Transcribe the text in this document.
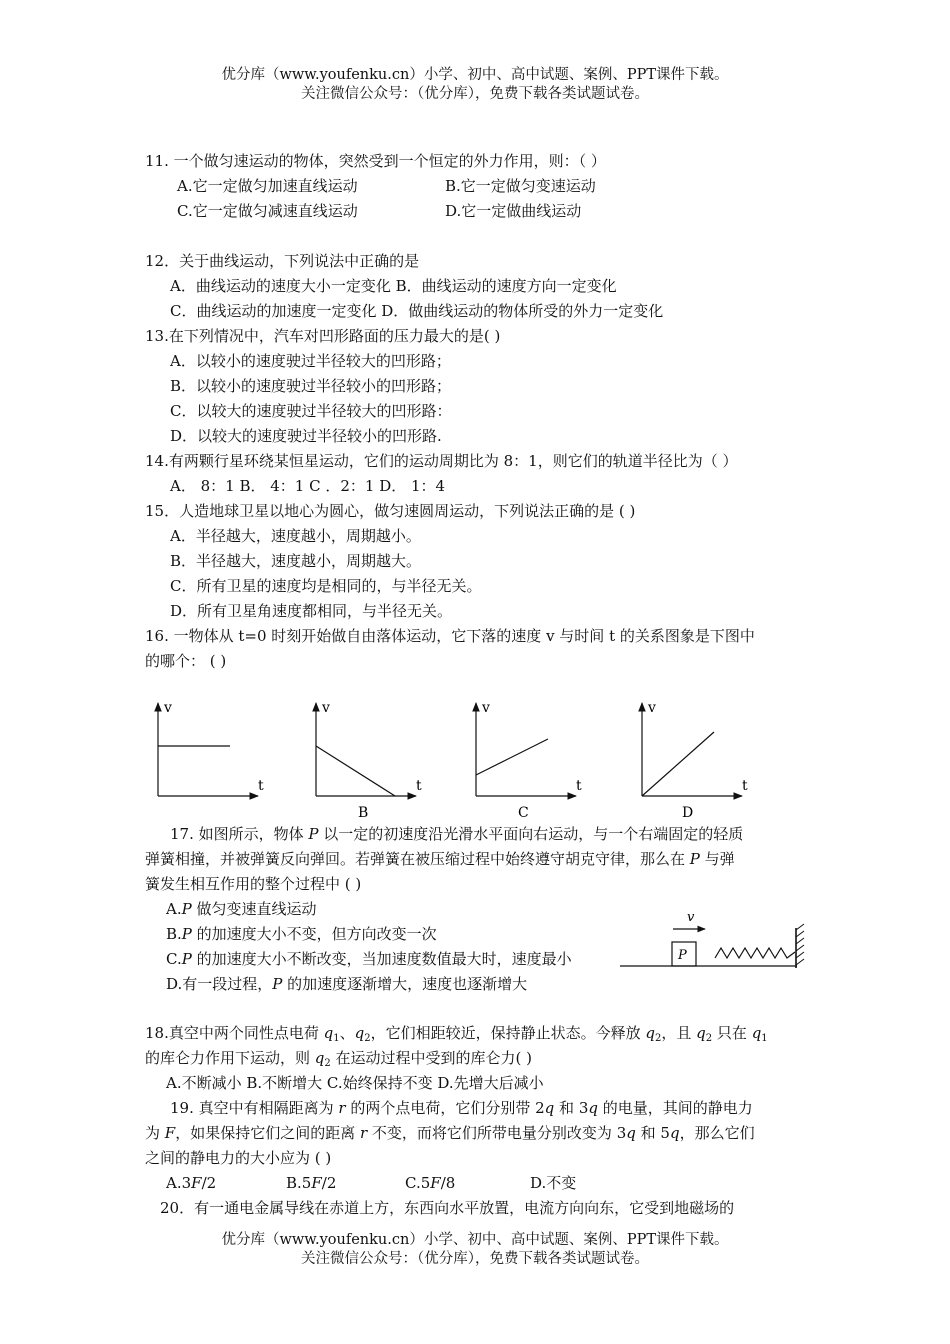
优分库（www.youfenku.cn）小学、初中、高中试题、案例、PPT课件下载。
关注微信公众号：（优分库），免费下载各类试题试卷。
11. 一个做匀速运动的物体，突然受到一个恒定的外力作用，则：（ ）
A.它一定做匀加速直线运动	B.它一定做匀变速运动
C.它一定做匀减速直线运动	D.它一定做曲线运动
12．关于曲线运动，下列说法中正确的是
A．曲线运动的速度大小一定变化 B．曲线运动的速度方向一定变化
C．曲线运动的加速度一定变化 D．做曲线运动的物体所受的外力一定变化
13.在下列情况中，汽车对凹形路面的压力最大的是( )
A．以较小的速度驶过半径较大的凹形路；
B．以较小的速度驶过半径较小的凹形路；
C．以较大的速度驶过半径较大的凹形路：
D．以较大的速度驶过半径较小的凹形路.
14.有两颗行星环绕某恒星运动，它们的运动周期比为 8：1，则它们的轨道半径比为（ ）
A． 8：1 B． 4：1 C ．2：1 D． 1：4
15．人造地球卫星以地心为圆心，做匀速圆周运动，下列说法正确的是 ( )
A．半径越大，速度越小，周期越小。
B．半径越大，速度越小，周期越大。
C．所有卫星的速度均是相同的，与半径无关。
D．所有卫星角速度都相同，与半径无关。
16. 一物体从 t=0 时刻开始做自由落体运动，它下落的速度 v 与时间 t 的关系图象是下图中
的哪个： ( )
v
t
v
t
B
v
t
C
v
t
D
17. 如图所示，物体 P 以一定的初速度沿光滑水平面向右运动，与一个右端固定的轻质
弹簧相撞，并被弹簧反向弹回。若弹簧在被压缩过程中始终遵守胡克守律，那么在 P 与弹
簧发生相互作用的整个过程中 ( )
A.P 做匀变速直线运动
B.P 的加速度大小不变，但方向改变一次
C.P 的加速度大小不断改变，当加速度数值最大时，速度最小
D.有一段过程，P 的加速度逐渐增大，速度也逐渐增大
v
P
18.真空中两个同性点电荷 $q_1$、$q_2$，它们相距较近，保持静止状态。今释放 $q_2$，且 $q_2$ 只在 $q_1$
的库仑力作用下运动，则 $q_2$ 在运动过程中受到的库仑力( )
A.不断减小 B.不断增大 C.始终保持不变 D.先增大后减小
19. 真空中有相隔距离为 r 的两个点电荷，它们分别带 2q 和 3q 的电量，其间的静电力
为 F，如果保持它们之间的距离 r 不变，而将它们所带电量分别改变为 3q 和 5q，那么它们
之间的静电力的大小应为 ( )
A.3F/2	B.5F/2	C.5F/8	D.不变
20．有一通电金属导线在赤道上方，东西向水平放置，电流方向向东，它受到地磁场的
优分库（www.youfenku.cn）小学、初中、高中试题、案例、PPT课件下载。
关注微信公众号：（优分库），免费下载各类试题试卷。
